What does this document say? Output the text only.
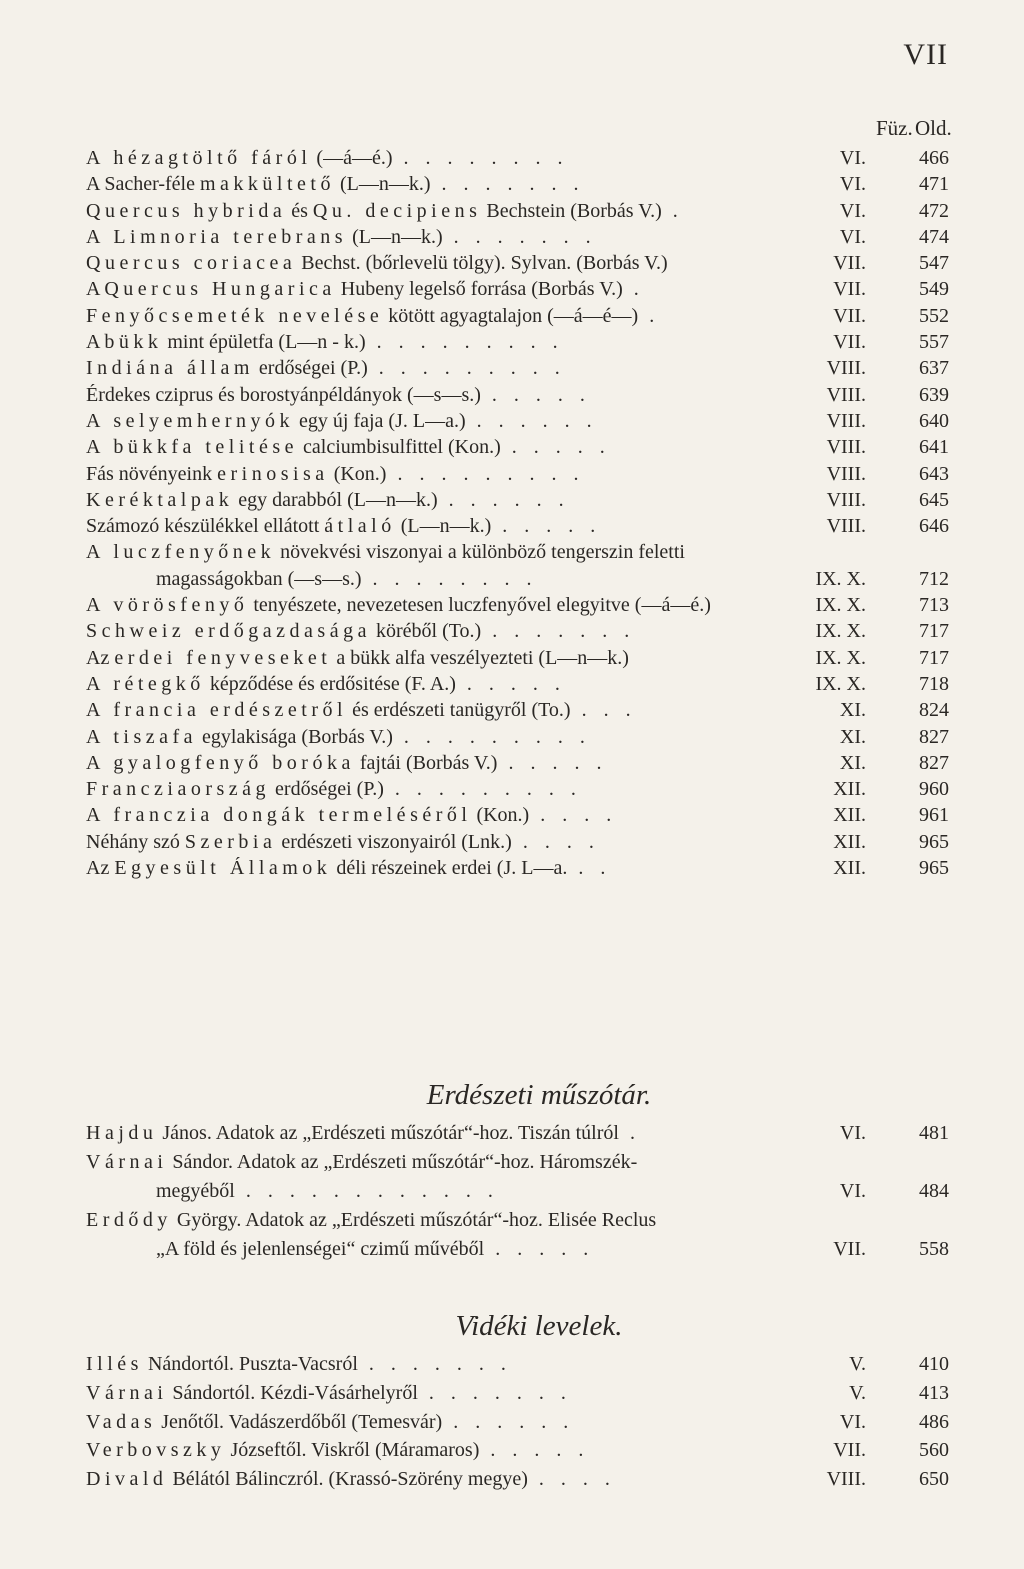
VII
Füz. Old.
A hézagtöltő fáról (—á—é.) . . . . . . . .	VI.	466
A Sacher-féle makkültető (L—n—k.) . . . . . . .	VI.	471
Quercus hybrida és Qu. decipiens Bechstein (Borbás V.) .	VI.	472
A Limnoria terebrans (L—n—k.) . . . . . . .	VI.	474
Quercus coriacea Bechst. (bőrlevelü tölgy). Sylvan. (Borbás V.)	VII.	547
A Quercus Hungarica Hubeny legelső forrása (Borbás V.) .	VII.	549
Fenyőcsemeték nevelése kötött agyagtalajon (—á—é—) .	VII.	552
A bükk mint épületfa (L—n - k.) . . . . . . . . .	VII.	557
Indiána állam erdőségei (P.) . . . . . . . . .	VIII.	637
Érdekes cziprus és borostyánpéldányok (—s—s.) . . . . .	VIII.	639
A selyemhernyók egy új faja (J. L—a.) . . . . . .	VIII.	640
A bükkfa telitése calciumbisulfittel (Kon.) . . . . .	VIII.	641
Fás növényeink erinosisa (Kon.) . . . . . . . . .	VIII.	643
Keréktalpak egy darabból (L—n—k.) . . . . . .	VIII.	645
Számozó készülékkel ellátott átlaló (L—n—k.) . . . . .	VIII.	646
A luczfenyőnek növekvési viszonyai a különböző tengerszin feletti
magasságokban (—s—s.) . . . . . . . .	IX. X.	712
A vörösfenyő tenyészete, nevezetesen luczfenyővel elegyitve (—á—é.)	IX. X.	713
Schweiz erdőgazdasága köréből (To.) . . . . . . .	IX. X.	717
Az erdei fenyveseket a bükk alfa veszélyezteti (L—n—k.)	IX. X.	717
A rétegkő képződése és erdősitése (F. A.) . . . . .	IX. X.	718
A francia erdészetről és erdészeti tanügyről (To.) . . .	XI.	824
A tiszafa egylakisága (Borbás V.) . . . . . . . . .	XI.	827
A gyalogfenyő boróka fajtái (Borbás V.) . . . . .	XI.	827
Francziaország erdőségei (P.) . . . . . . . . .	XII.	960
A franczia dongák termeléséről (Kon.) . . . .	XII.	961
Néhány szó Szerbia erdészeti viszonyairól (Lnk.) . . . .	XII.	965
Az Egyesült Államok déli részeinek erdei (J. L—a. . .	XII.	965
Erdészeti műszótár.
Hajdu János. Adatok az „Erdészeti műszótár“-hoz. Tiszán túlról .	VI.	481
Várnai Sándor. Adatok az „Erdészeti műszótár“-hoz. Háromszék-
megyéből . . . . . . . . . . . .	VI.	484
Erdődy György. Adatok az „Erdészeti műszótár“-hoz. Elisée Reclus
„A föld és jelenlenségei“ czimű művéből . . . . .	VII.	558
Vidéki levelek.
Illés Nándortól. Puszta-Vacsról . . . . . . .	V.	410
Várnai Sándortól. Kézdi-Vásárhelyről . . . . . . .	V.	413
Vadas Jenőtől. Vadászerdőből (Temesvár) . . . . . .	VI.	486
Verbovszky Józseftől. Viskről (Máramaros) . . . . .	VII.	560
Divald Bélától Bálinczról. (Krassó-Szörény megye) . . . .	VIII.	650
